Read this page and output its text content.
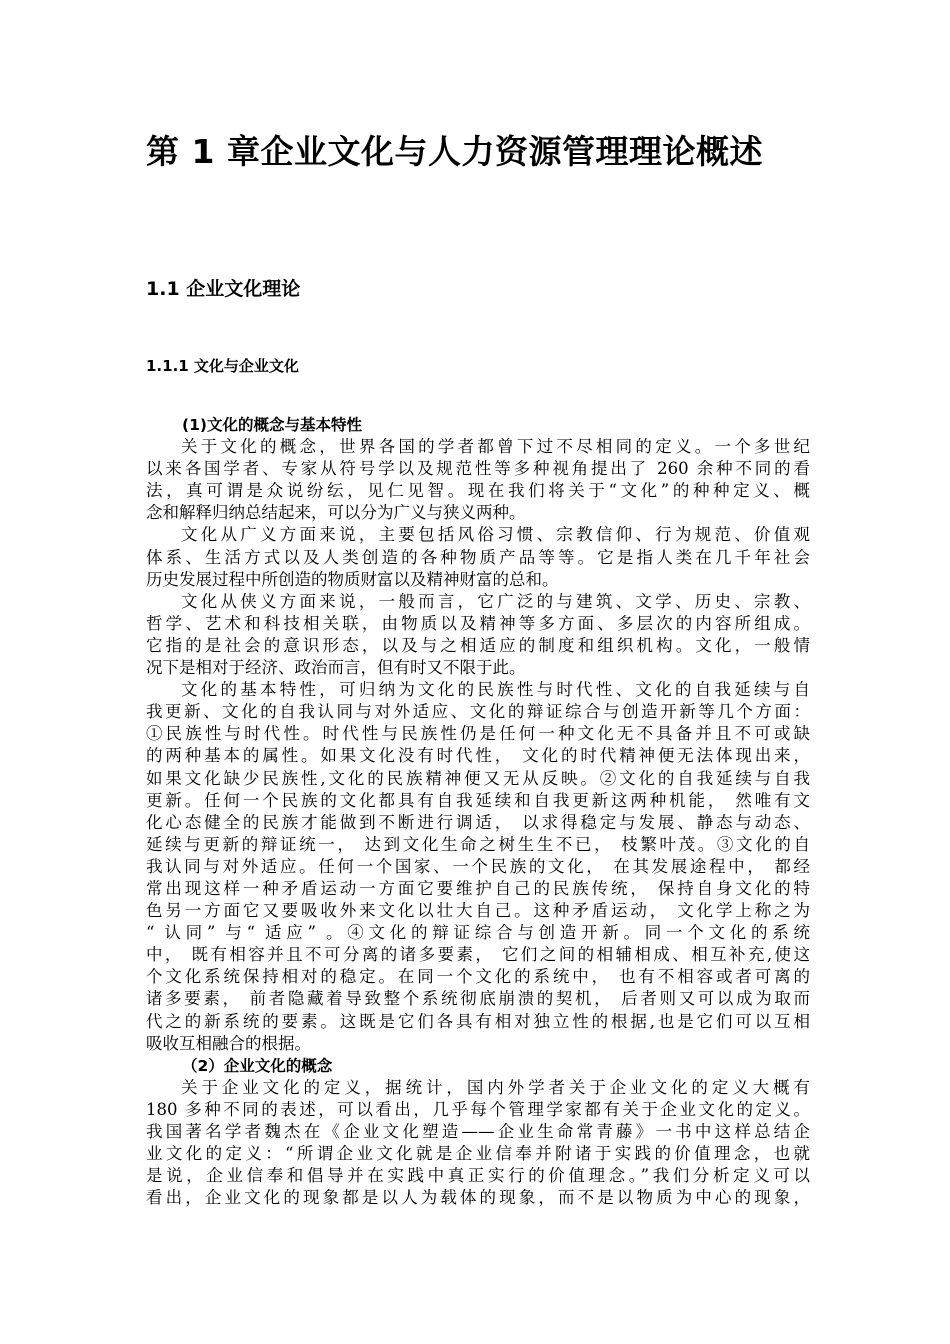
第 1 章企业文化与人力资源管理理论概述
1.1 企业文化理论
1.1.1 文化与企业文化
(1)文化的概念与基本特性
关于文化的概念，世界各国的学者都曾下过不尽相同的定义。一个多世纪
以来各国学者、专家从符号学以及规范性等多种视角提出了 260 余种不同的看
法，真可谓是众说纷纭，见仁见智。现在我们将关于“文化”的种种定义、概
念和解释归纳总结起来，可以分为广义与狭义两种。
文化从广义方面来说，主要包括风俗习惯、宗教信仰、行为规范、价值观
体系、生活方式以及人类创造的各种物质产品等等。它是指人类在几千年社会
历史发展过程中所创造的物质财富以及精神财富的总和。
文化从侠义方面来说，一般而言，它广泛的与建筑、文学、历史、宗教、
哲学、艺术和科技相关联，由物质以及精神等多方面、多层次的内容所组成。
它指的是社会的意识形态，以及与之相适应的制度和组织机构。文化，一般情
况下是相对于经济、政治而言，但有时又不限于此。
文化的基本特性，可归纳为文化的民族性与时代性、文化的自我延续与自
我更新、文化的自我认同与对外适应、文化的辩证综合与创造开新等几个方面：
①民族性与时代性。时代性与民族性仍是任何一种文化无不具备并且不可或缺
的两种基本的属性。如果文化没有时代性， 文化的时代精神便无法体现出来，
如果文化缺少民族性,文化的民族精神便又无从反映。②文化的自我延续与自我
更新。任何一个民族的文化都具有自我延续和自我更新这两种机能， 然唯有文
化心态健全的民族才能做到不断进行调适， 以求得稳定与发展、静态与动态、
延续与更新的辩证统一， 达到文化生命之树生生不已， 枝繁叶茂。③文化的自
我认同与对外适应。任何一个国家、一个民族的文化， 在其发展途程中， 都经
常出现这样一种矛盾运动一方面它要维护自己的民族传统， 保持自身文化的特
色另一方面它又要吸收外来文化以壮大自己。这种矛盾运动， 文化学上称之为
“ 认同” 与“ 适应” 。④文化的辩证综合与创造开新。同一个文化的系统
中， 既有相容并且不可分离的诸多要素， 它们之间的相辅相成、相互补充,使这
个文化系统保持相对的稳定。在同一个文化的系统中， 也有不相容或者可离的
诸多要素， 前者隐藏着导致整个系统彻底崩溃的契机， 后者则又可以成为取而
代之的新系统的要素。这既是它们各具有相对独立性的根据,也是它们可以互相
吸收互相融合的根据。
（2）企业文化的概念
关于企业文化的定义，据统计，国内外学者关于企业文化的定义大概有
180 多种不同的表述，可以看出，几乎每个管理学家都有关于企业文化的定义。
我国著名学者魏杰在《企业文化塑造——企业生命常青藤》一书中这样总结企
业文化的定义：“所谓企业文化就是企业信奉并附诸于实践的价值理念，也就
是说，企业信奉和倡导并在实践中真正实行的价值理念。”我们分析定义可以
看出，企业文化的现象都是以人为载体的现象，而不是以物质为中心的现象，
